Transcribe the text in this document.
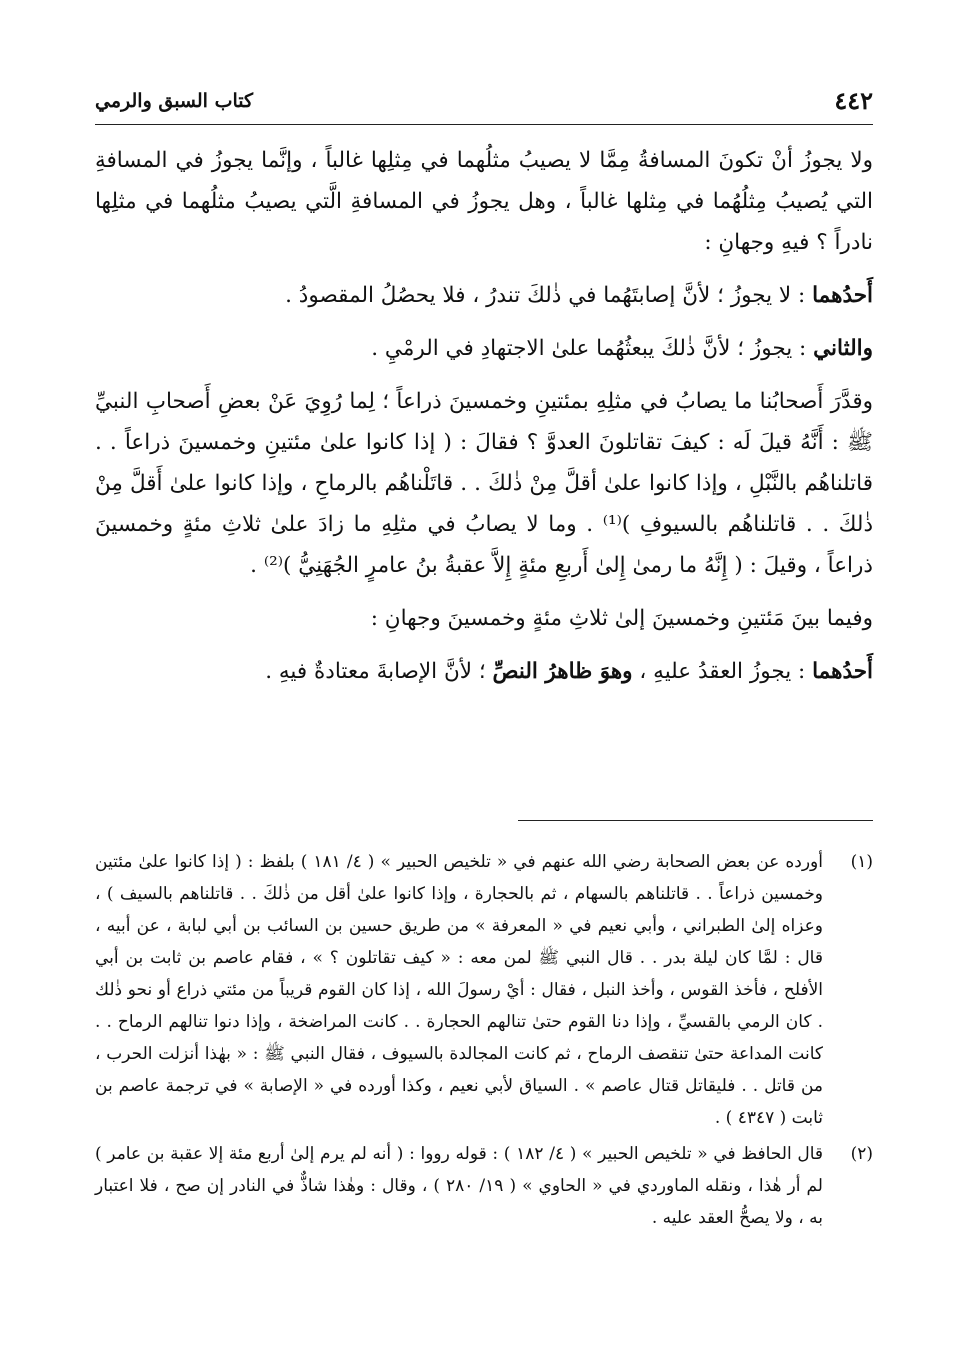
٤٤٢
كتاب السبق والرمي

ولا يجوزُ أنْ تكونَ المسافةُ مِمَّا لا يصيبُ مثلُهما في مِثلِها غالباً ، وإنَّما يجوزُ في المسافةِ التي يُصيبُ مِثلُهُما في مِثلها غالباً ، وهل يجوزُ في المسافةِ الَّتي يصيبُ مثلُهما في مثلِها نادراً ؟ فيهِ وجهانِ :

أَحدُهما : لا يجوزُ ؛ لأنَّ إصابتَهُما في ذٰلكَ تندرُ ، فلا يحصُلُ المقصودُ .

والثاني : يجوزُ ؛ لأنَّ ذٰلكَ يبعثُهُما علىٰ الاجتهادِ في الرمْيِ .

وقدَّرَ أَصحابُنا ما يصابُ في مثلِهِ بمئتينِ وخمسينَ ذراعاً ؛ لِما رُوِيَ عَنْ بعضِ أَصحابِ النبيِّ ﷺ : أَنَّهُ قيلَ لَه : كيفَ تقاتلونَ العدوَّ ؟ فقالَ : ( إذا كانوا علىٰ مئتينِ وخمسينَ ذراعاً . . قاتلناهُم بالنَّبْلِ ، وإذا كانوا علىٰ أقلَّ مِنْ ذٰلكَ . . قاتَلْناهُم بالرماحِ ، وإذا كانوا علىٰ أَقلَّ مِنْ ذٰلكَ . . قاتلناهُم بالسيوفِ )⁽¹⁾ . وما لا يصابُ في مثلِهِ ما زادَ علىٰ ثلاثِ مئةٍ وخمسينَ ذراعاً ، وقيلَ : ( إِنَّهُ ما رمىٰ إِلىٰ أَربعِ مئةٍ إِلاَّ عقبةُ بنُ عامرٍ الجُهَنِيُّ )⁽²⁾ .

وفيما بينَ مَئتينِ وخمسينَ إلىٰ ثلاثِ مئةٍ وخمسينَ وجهانِ :

أَحدُهما : يجوزُ العقدُ عليهِ ، وهوَ ظاهرُ النصِّ ؛ لأنَّ الإصابةَ معتادةٌ فيهِ .

(١)
أورده عن بعض الصحابة رضي الله عنهم في « تلخيص الحبير » ( ٤/ ١٨١ ) بلفظ : ( إذا كانوا علىٰ مئتين وخمسين ذراعاً . . قاتلناهم بالسهام ، ثم بالحجارة ، وإذا كانوا علىٰ أقل من ذٰلكَ . . قاتلناهم بالسيف ) ، وعزاه إلىٰ الطبراني ، وأبي نعيم في « المعرفة » من طريق حسين بن السائب بن أبي لبابة ، عن أبيه ، قال : لمَّا كان ليلة بدر . . قال النبي ﷺ لمن معه : « كيف تقاتلون ؟ » ، فقام عاصم بن ثابت بن أبي الأفلح ، فأخذ القوس ، وأخذ النبل ، فقال : أيْ رسولَ الله ، إذا كان القوم قريباً من مئتي ذراع أو نحو ذٰلك . كان الرمي بالقسيِّ ، وإذا دنا القوم حتىٰ تنالهم الحجارة . . كانت المراضخة ، وإذا دنوا تنالهم الرماح . . كانت المداعة حتىٰ تنقصف الرماح ، ثم كانت المجالدة بالسيوف ، فقال النبي ﷺ : « بهٰذا أنزلت الحرب ، من قاتل . . فليقاتل قتال عاصم » . السياق لأبي نعيم ، وكذا أورده في « الإصابة » في ترجمة عاصم بن ثابت ( ٤٣٤٧ ) .
(٢)
قال الحافظ في « تلخيص الحبير » ( ٤/ ١٨٢ ) : قوله رووا : ( أنه لم يرم إلىٰ أربع مئة إلا عقبة بن عامر ) لم أر هٰذا ، ونقله الماوردي في « الحاوي » ( ١٩/ ٢٨٠ ) ، وقال : وهٰذا شاذٌّ في النادر إن صح ، فلا اعتبار به ، ولا يصحُّ العقد عليه .
